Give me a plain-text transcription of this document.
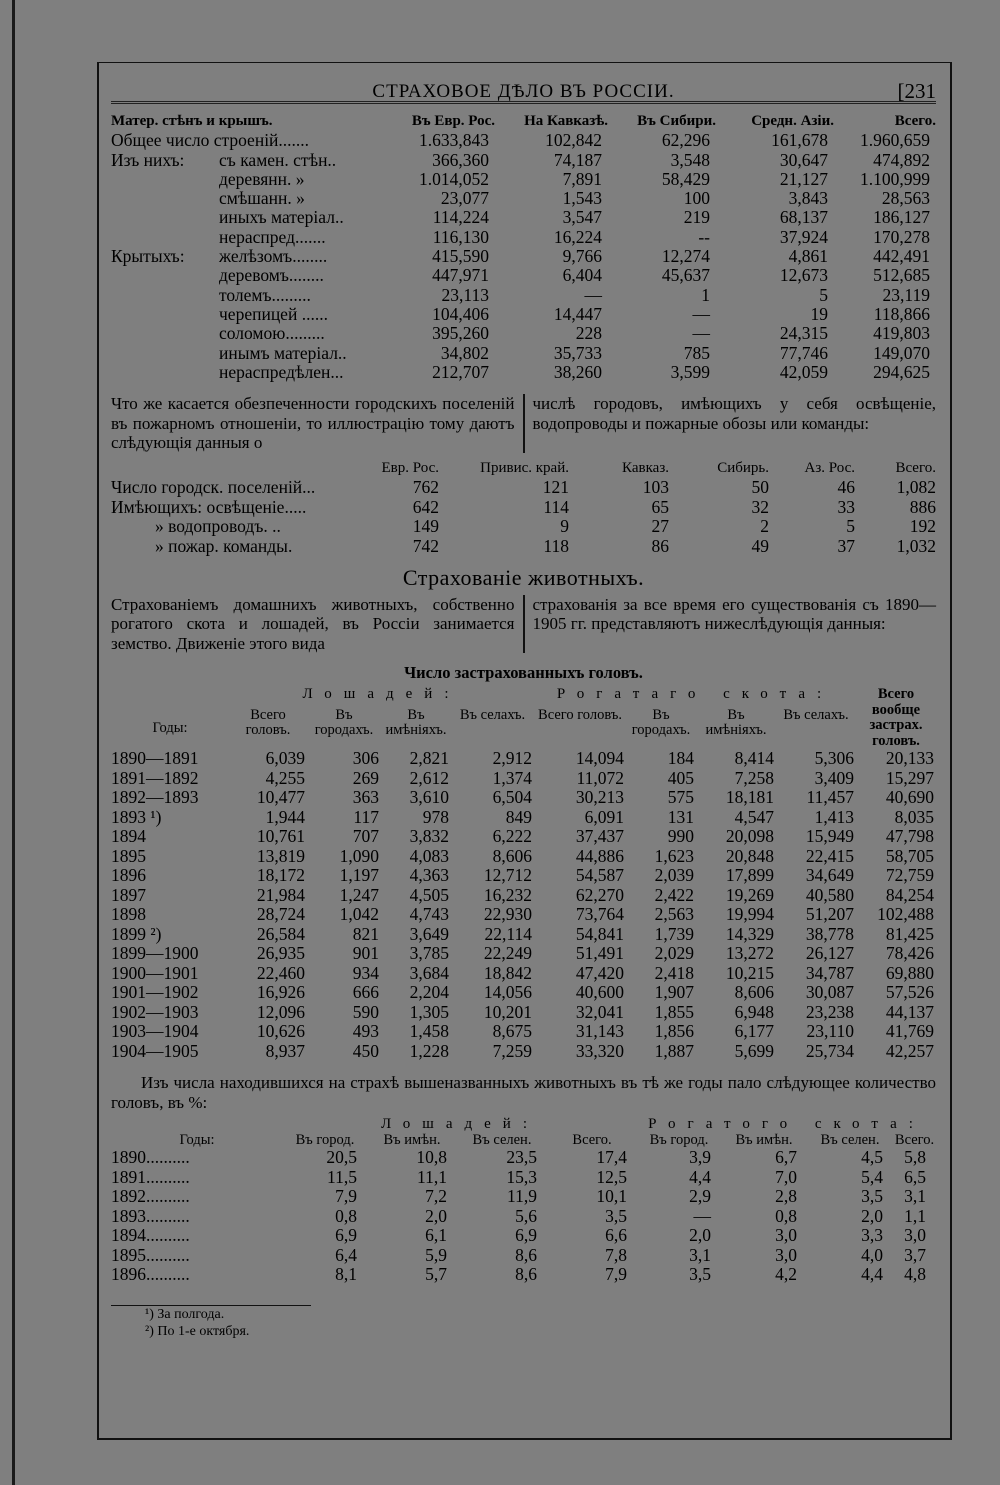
СТРАХОВОЕ ДѢЛО ВЪ РОССІИ.	[231
Матер. стѣнъ и крышъ.	Въ Евр. Рос.	На Кавказѣ.	Въ Сибири.	Средн. Азіи.	Всего.
Общее число строеній.......	1.633,843	102,842	62,296	161,678	1.960,659
Изъ нихъ: съ камен. стѣн..	366,360	74,187	3,548	30,647	474,892
деревянн. »	1.014,052	7,891	58,429	21,127	1.100,999
смѣшанн. »	23,077	1,543	100	3,843	28,563
иныхъ матеріал..	114,224	3,547	219	68,137	186,127
нераспред.......	116,130	16,224	--	37,924	170,278
Крытыхъ: желѣзомъ........	415,590	9,766	12,274	4,861	442,491
деревомъ........	447,971	6,404	45,637	12,673	512,685
толемъ.........	23,113	—	1	5	23,119
черепицей ......	104,406	14,447	—	19	118,866
соломою.........	395,260	228	—	24,315	419,803
инымъ матеріал..	34,802	35,733	785	77,746	149,070
нераспредѣлен...	212,707	38,260	3,599	42,059	294,625
Что же касается обезпеченности городскихъ поселеній въ пожарномъ отношеніи, то иллюстрацію тому даютъ слѣдующія данныя о
числѣ городовъ, имѣющихъ у себя освѣщеніе, водопроводы и пожарные обозы или команды:
	Евр. Рос.	Привис. край.	Кавказ.	Сибирь.	Аз. Рос.	Всего.
Число городск. поселеній...	762	121	103	50	46	1,082
Имѣющихъ: освѣщеніе.....	642	114	65	32	33	886
» водопроводъ. ..	149	9	27	2	5	192
» пожар. команды.	742	118	86	49	37	1,032
Страхованіе животныхъ.
Страхованіемъ домашнихъ животныхъ, собственно рогатого скота и лошадей, въ Россіи занимается земство. Движеніе этого вида
страхованія за все время его существованія съ 1890—1905 гг. представляютъ нижеслѣдующія данныя:
Число застрахованныхъ головъ.
	Лошадей:				Рогатаго скота:				Всего вообще застрах. головъ.
Годы:	Всего головъ.	Въ городахъ.	Въ имѣніяхъ.	Въ селахъ.	Всего головъ.	Въ городахъ.	Въ имѣніяхъ.	Въ селахъ.	
1890—1891	6,039	306	2,821	2,912	14,094	184	8,414	5,306	20,133
1891—1892	4,255	269	2,612	1,374	11,072	405	7,258	3,409	15,297
1892—1893	10,477	363	3,610	6,504	30,213	575	18,181	11,457	40,690
1893 ¹)	1,944	117	978	849	6,091	131	4,547	1,413	8,035
1894	10,761	707	3,832	6,222	37,437	990	20,098	15,949	47,798
1895	13,819	1,090	4,083	8,606	44,886	1,623	20,848	22,415	58,705
1896	18,172	1,197	4,363	12,712	54,587	2,039	17,899	34,649	72,759
1897	21,984	1,247	4,505	16,232	62,270	2,422	19,269	40,580	84,254
1898	28,724	1,042	4,743	22,930	73,764	2,563	19,994	51,207	102,488
1899 ²)	26,584	821	3,649	22,114	54,841	1,739	14,329	38,778	81,425
1899—1900	26,935	901	3,785	22,249	51,491	2,029	13,272	26,127	78,426
1900—1901	22,460	934	3,684	18,842	47,420	2,418	10,215	34,787	69,880
1901—1902	16,926	666	2,204	14,056	40,600	1,907	8,606	30,087	57,526
1902—1903	12,096	590	1,305	10,201	32,041	1,855	6,948	23,238	44,137
1903—1904	10,626	493	1,458	8,675	31,143	1,856	6,177	23,110	41,769
1904—1905	8,937	450	1,228	7,259	33,320	1,887	5,699	25,734	42,257
Изъ числа находившихся на страхѣ вышеназванныхъ животныхъ въ тѣ же годы пало слѣдующее количество головъ, въ %:
	Лошадей:				Рогатого скота:			
Годы:	Въ город.	Въ имѣн.	Въ селен.	Всего.	Въ город.	Въ имѣн.	Въ селен.	Всего.
1890..........	20,5	10,8	23,5	17,4	3,9	6,7	4,5	5,8
1891..........	11,5	11,1	15,3	12,5	4,4	7,0	5,4	6,5
1892..........	7,9	7,2	11,9	10,1	2,9	2,8	3,5	3,1
1893..........	0,8	2,0	5,6	3,5	—	0,8	2,0	1,1
1894..........	6,9	6,1	6,9	6,6	2,0	3,0	3,3	3,0
1895..........	6,4	5,9	8,6	7,8	3,1	3,0	4,0	3,7
1896..........	8,1	5,7	8,6	7,9	3,5	4,2	4,4	4,8
¹) За полгода.
²) По 1-е октября.
